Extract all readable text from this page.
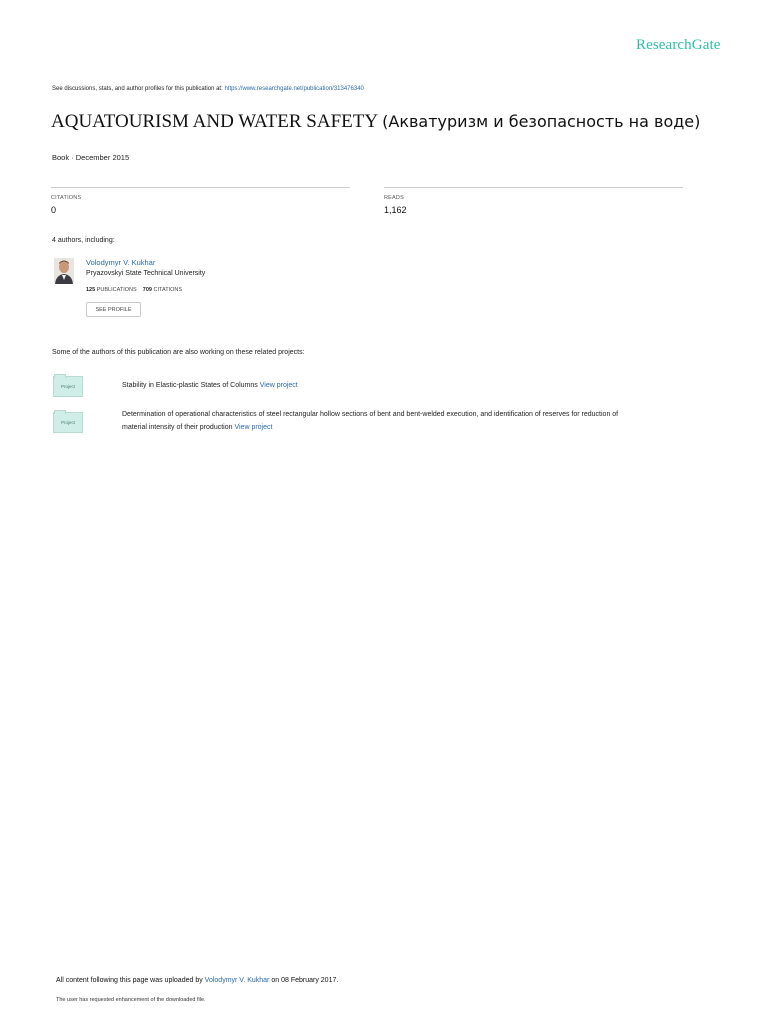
ResearchGate
See discussions, stats, and author profiles for this publication at: https://www.researchgate.net/publication/313476340
AQUATOURISM AND WATER SAFETY (Акватуризм и безопасность на воде)
Book · December 2015
CITATIONS
0
READS
1,162
4 authors, including:
Volodymyr V. Kukhar
Pryazovskyi State Technical University
125 PUBLICATIONS 709 CITATIONS
SEE PROFILE
Some of the authors of this publication are also working on these related projects:
Project	Stability in Elastic-plastic States of Columns View project
Project
Determination of operational characteristics of steel rectangular hollow sections of bent and bent-welded execution, and identification of reserves for reduction of
material intensity of their production View project
All content following this page was uploaded by Volodymyr V. Kukhar on 08 February 2017.
The user has requested enhancement of the downloaded file.
